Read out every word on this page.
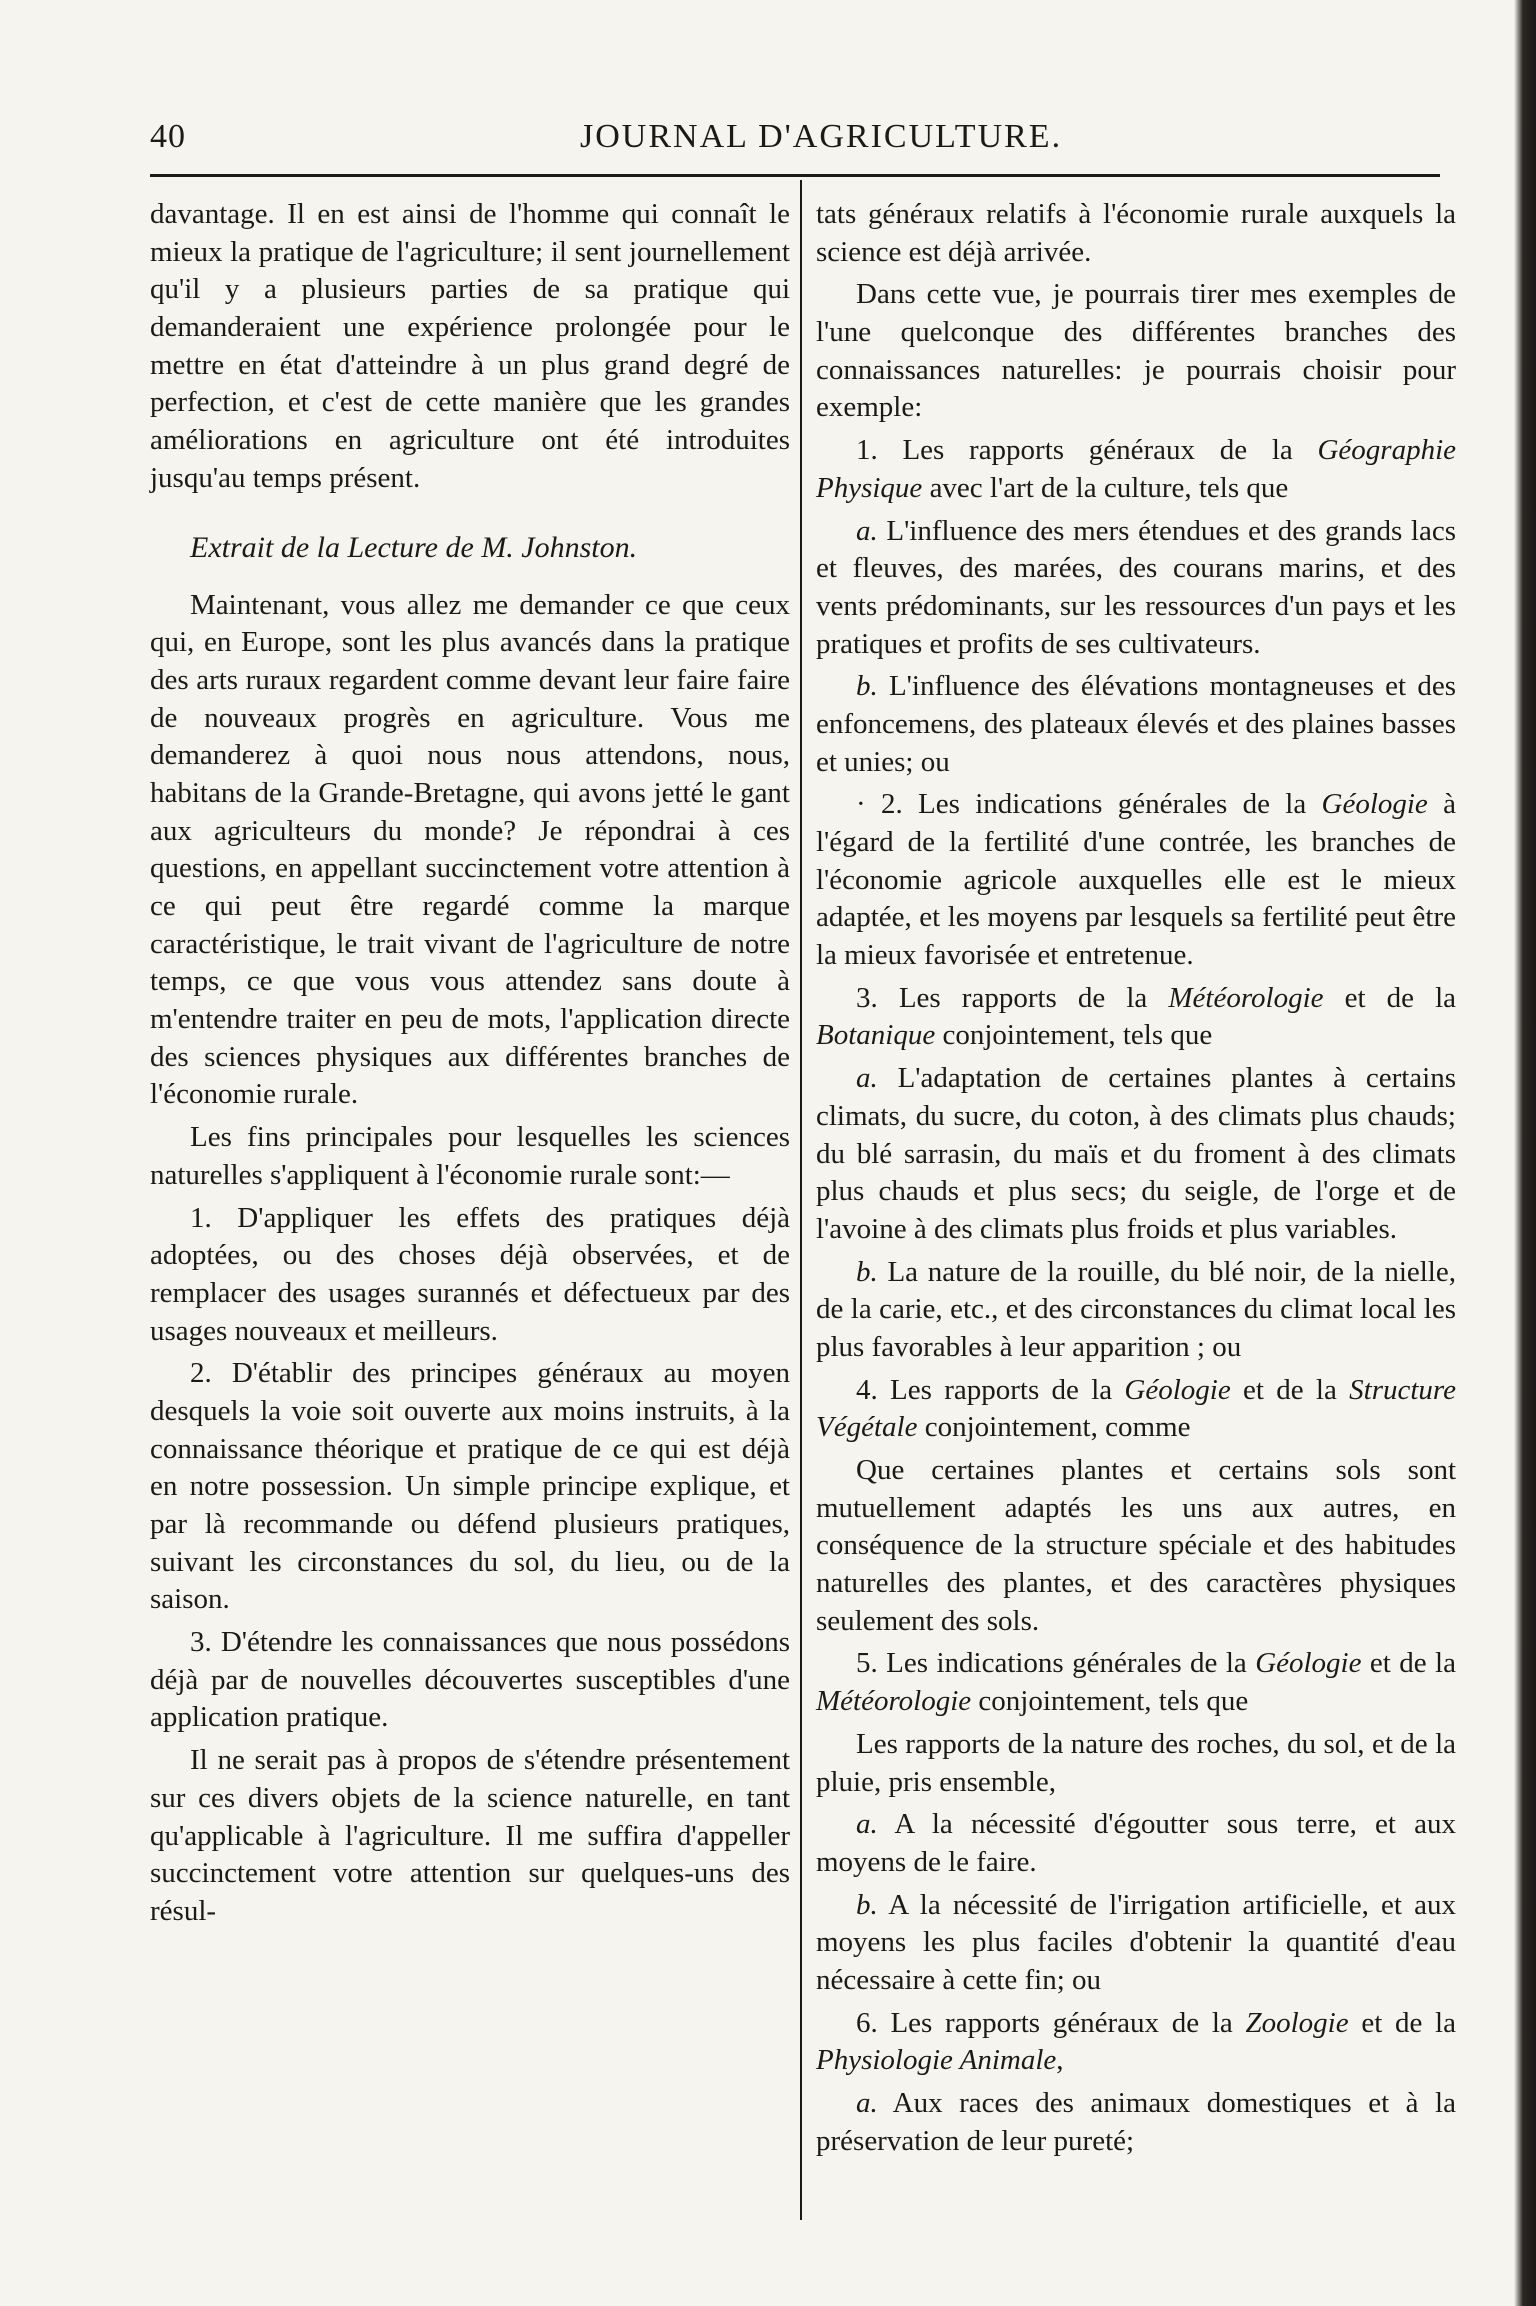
40	JOURNAL D'AGRICULTURE.

davantage. Il en est ainsi de l'homme qui connaît le mieux la pratique de l'agriculture; il sent journellement qu'il y a plusieurs parties de sa pratique qui demanderaient une expérience prolongée pour le mettre en état d'atteindre à un plus grand degré de perfection, et c'est de cette manière que les grandes améliorations en agriculture ont été introduites jusqu'au temps présent.

Extrait de la Lecture de M. Johnston.

Maintenant, vous allez me demander ce que ceux qui, en Europe, sont les plus avancés dans la pratique des arts ruraux regardent comme devant leur faire faire de nouveaux progrès en agriculture. Vous me demanderez à quoi nous nous attendons, nous, habitans de la Grande-Bretagne, qui avons jetté le gant aux agriculteurs du monde? Je répondrai à ces questions, en appellant succinctement votre attention à ce qui peut être regardé comme la marque caractéristique, le trait vivant de l'agriculture de notre temps, ce que vous vous attendez sans doute à m'entendre traiter en peu de mots, l'application directe des sciences physiques aux différentes branches de l'économie rurale.

Les fins principales pour lesquelles les sciences naturelles s'appliquent à l'économie rurale sont:—

1. D'appliquer les effets des pratiques déjà adoptées, ou des choses déjà observées, et de remplacer des usages surannés et défectueux par des usages nouveaux et meilleurs.

2. D'établir des principes généraux au moyen desquels la voie soit ouverte aux moins instruits, à la connaissance théorique et pratique de ce qui est déjà en notre possession. Un simple principe explique, et par là recommande ou défend plusieurs pratiques, suivant les circonstances du sol, du lieu, ou de la saison.

3. D'étendre les connaissances que nous possédons déjà par de nouvelles découvertes susceptibles d'une application pratique.

Il ne serait pas à propos de s'étendre présentement sur ces divers objets de la science naturelle, en tant qu'applicable à l'agriculture. Il me suffira d'appeller succinctement votre attention sur quelques-uns des résul-

tats généraux relatifs à l'économie rurale auxquels la science est déjà arrivée.

Dans cette vue, je pourrais tirer mes exemples de l'une quelconque des différentes branches des connaissances naturelles: je pourrais choisir pour exemple:

1. Les rapports généraux de la Géographie Physique avec l'art de la culture, tels que

a. L'influence des mers étendues et des grands lacs et fleuves, des marées, des courans marins, et des vents prédominants, sur les ressources d'un pays et les pratiques et profits de ses cultivateurs.

b. L'influence des élévations montagneuses et des enfoncemens, des plateaux élevés et des plaines basses et unies; ou

· 2. Les indications générales de la Géologie à l'égard de la fertilité d'une contrée, les branches de l'économie agricole auxquelles elle est le mieux adaptée, et les moyens par lesquels sa fertilité peut être la mieux favorisée et entretenue.

3. Les rapports de la Météorologie et de la Botanique conjointement, tels que

a. L'adaptation de certaines plantes à certains climats, du sucre, du coton, à des climats plus chauds; du blé sarrasin, du maïs et du froment à des climats plus chauds et plus secs; du seigle, de l'orge et de l'avoine à des climats plus froids et plus variables.

b. La nature de la rouille, du blé noir, de la nielle, de la carie, etc., et des circonstances du climat local les plus favorables à leur apparition ; ou

4. Les rapports de la Géologie et de la Structure Végétale conjointement, comme

Que certaines plantes et certains sols sont mutuellement adaptés les uns aux autres, en conséquence de la structure spéciale et des habitudes naturelles des plantes, et des caractères physiques seulement des sols.

5. Les indications générales de la Géologie et de la Météorologie conjointement, tels que

Les rapports de la nature des roches, du sol, et de la pluie, pris ensemble,

a. A la nécessité d'égoutter sous terre, et aux moyens de le faire.

b. A la nécessité de l'irrigation artificielle, et aux moyens les plus faciles d'obtenir la quantité d'eau nécessaire à cette fin; ou

6. Les rapports généraux de la Zoologie et de la Physiologie Animale,

a. Aux races des animaux domestiques et à la préservation de leur pureté;
